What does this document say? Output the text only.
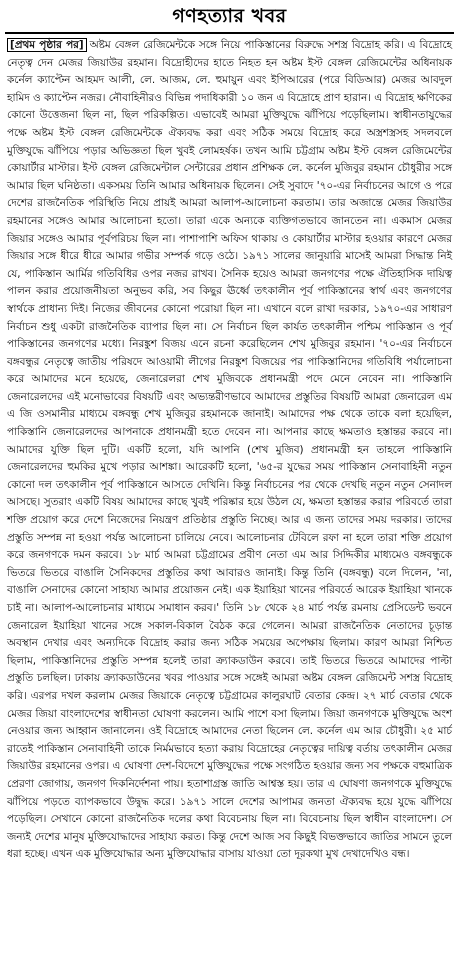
গণহত্যার খবর

[প্রথম পৃষ্ঠার পর] অষ্টম বেঙ্গল রেজিমেন্টকে সঙ্গে নিয়ে পাকিস্তানের বিরুদ্ধে সশস্ত্র বিদ্রোহ করি। এ বিদ্রোহে নেতৃত্ব দেন মেজর জিয়াউর রহমান। বিদ্রোহীদের হাতে নিহত হন অষ্টম ইস্ট বেঙ্গল রেজিমেন্টের অধিনায়ক কর্নেল ক্যাপ্টেন আহমদ আলী, লে. আজম, লে. হুমায়ুন এবং ইপিআরের (পরে বিডিআর) মেজর আবদুল হামিদ ও ক্যাপ্টেন নজর। নৌবাহিনীরও বিভিন্ন পদাধিকারী ১০ জন এ বিদ্রোহে প্রাণ হারান। এ বিদ্রোহ ক্ষণিকের কোনো উত্তেজনা ছিল না, ছিল পরিকল্পিত। এভাবেই আমরা মুক্তিযুদ্ধে ঝাঁপিয়ে পড়েছিলাম। স্বাধীনতাযুদ্ধের পক্ষে অষ্টম ইস্ট বেঙ্গল রেজিমেন্টকে ঐক্যবদ্ধ করা এবং সঠিক সময়ে বিদ্রোহ করে অস্ত্রশস্ত্রসহ সদলবলে মুক্তিযুদ্ধে ঝাঁপিয়ে পড়ার অভিজ্ঞতা ছিল খুবই লোমহর্ষক। তখন আমি চট্টগ্রাম অষ্টম ইস্ট বেঙ্গল রেজিমেন্টের কোয়ার্টার মাস্টার। ইস্ট বেঙ্গল রেজিমেন্টাল সেন্টারের প্রধান প্রশিক্ষক লে. কর্নেল মুজিবুর রহমান চৌধুরীর সঙ্গে আমার ছিল ঘনিষ্ঠতা। একসময় তিনি আমার অধিনায়ক ছিলেন। সেই সুবাদে '৭০-এর নির্বাচনের আগে ও পরে দেশের রাজনৈতিক পরিস্থিতি নিয়ে প্রায়ই আমরা আলাপ-আলোচনা করতাম। তার অজান্তে মেজর জিয়াউর রহমানের সঙ্গেও আমার আলোচনা হতো। তারা একে অন্যকে ব্যক্তিগতভাবে জানতেন না। একমাস মেজর জিয়ার সঙ্গেও আমার পূর্বপরিচয় ছিল না। পাশাপাশি অফিস থাকায় ও কোয়ার্টার মাস্টার হওয়ার কারণে মেজর জিয়ার সঙ্গে ধীরে ধীরে আমার গভীর সম্পর্ক গড়ে ওঠে। ১৯৭১ সালের জানুয়ারি মাসেই আমরা সিদ্ধান্ত নিই যে, পাকিস্তান আর্মির গতিবিধির ওপর নজর রাখব। সৈনিক হয়েও আমরা জনগণের পক্ষে ঐতিহাসিক দায়িত্ব পালন করার প্রয়োজনীয়তা অনুভব করি, সব কিছুর ঊর্ধ্বে তৎকালীন পূর্ব পাকিস্তানের স্বার্থ এবং জনগণের স্বার্থকে প্রাধান্য দিই। নিজের জীবনের কোনো পরোয়া ছিল না। এখানে বলে রাখা দরকার, ১৯৭০-এর সাধারণ নির্বাচন শুধু একটা রাজনৈতিক ব্যাপার ছিল না। সে নির্বাচন ছিল কার্যত তৎকালীন পশ্চিম পাকিস্তান ও পূর্ব পাকিস্তানের জনগণের মধ্যে। নিরঙ্কুশ বিজয় এনে রচনা করেছিলেন শেখ মুজিবুর রহমান। '৭০-এর নির্বাচনে বঙ্গবন্ধুর নেতৃত্বে জাতীয় পরিষদে আওয়ামী লীগের নিরঙ্কুশ বিজয়ের পর পাকিস্তানিদের গতিবিধি পর্যালোচনা করে আমাদের মনে হয়েছে, জেনারেলরা শেখ মুজিবকে প্রধানমন্ত্রী পদে মেনে নেবেন না। পাকিস্তানি জেনারেলদের এই মনোভাবের বিষয়টি এবং অভ্যন্তরীণভাবে আমাদের প্রস্তুতির বিষয়টি আমরা জেনারেল এম এ জি ওসমানীর মাধ্যমে বঙ্গবন্ধু শেখ মুজিবুর রহমানকে জানাই। আমাদের পক্ষ থেকে তাকে বলা হয়েছিল, পাকিস্তানি জেনারেলদের আপনাকে প্রধানমন্ত্রী হতে দেবেন না। আপনার কাছে ক্ষমতাও হস্তান্তর করবে না। আমাদের যুক্তি ছিল দুটি। একটি হলো, যদি আপনি (শেখ মুজিব) প্রধানমন্ত্রী হন তাহলে পাকিস্তানি জেনারেলদের হুমকির মুখে পড়ার আশঙ্কা। আরেকটি হলো, '৬৫-র যুদ্ধের সময় পাকিস্তান সেনাবাহিনী নতুন কোনো দল তৎকালীন পূর্ব পাকিস্তানে আসতে দেখিনি। কিন্তু নির্বাচনের পর থেকে দেখছি নতুন নতুন সেনাদল আসছে। সুতরাং একটি বিষয় আমাদের কাছে খুবই পরিষ্কার হয়ে উঠল যে, ক্ষমতা হস্তান্তর করার পরিবর্তে তারা শক্তি প্রয়োগ করে দেশে নিজেদের নিয়ন্ত্রণ প্রতিষ্ঠার প্রস্তুতি নিচ্ছে। আর এ জন্য তাদের সময় দরকার। তাদের প্রস্তুতি সম্পন্ন না হওয়া পর্যন্ত আলোচনা চালিয়ে নেবে। আলোচনার টেবিলে রফা না হলে তারা শক্তি প্রয়োগ করে জনগণকে দমন করবে। ১৮ মার্চ আমরা চট্টগ্রামের প্রবীণ নেতা এম আর সিদ্দিকীর মাধ্যমেও বঙ্গবন্ধুকে ভিতরে ভিতরে বাঙালি সৈনিকদের প্রস্তুতির কথা আবারও জানাই। কিন্তু তিনি (বঙ্গবন্ধু) বলে দিলেন, 'না, বাঙালি সেনাদের কোনো সাহায্য আমার প্রয়োজন নেই। এক ইয়াহিয়া খানের পরিবর্তে আরেক ইয়াহিয়া খানকে চাই না। আলাপ-আলোচনার মাধ্যমে সমাধান করব।' তিনি ১৮ থেকে ২৪ মার্চ পর্যন্ত রমনায় প্রেসিডেন্ট ভবনে জেনারেল ইয়াহিয়া খানের সঙ্গে সকাল-বিকাল বৈঠক করে গেলেন। আমরা রাজনৈতিক নেতাদের চূড়ান্ত অবস্থান দেখার এবং অন্যদিকে বিদ্রোহ করার জন্য সঠিক সময়ের অপেক্ষায় ছিলাম। কারণ আমরা নিশ্চিত ছিলাম, পাকিস্তানিদের প্রস্তুতি সম্পন্ন হলেই তারা ক্র্যাকডাউন করবে। তাই ভিতরে ভিতরে আমাদের পাল্টা প্রস্তুতি চলছিল। ঢাকায় ক্র্যাকডাউনের খবর পাওয়ার সঙ্গে সঙ্গেই আমরা অষ্টম বেঙ্গল রেজিমেন্ট সশস্ত্র বিদ্রোহ করি। এরপর দখল করলাম মেজর জিয়াকে নেতৃত্বে চট্টগ্রামের কালুরঘাট বেতার কেন্দ্র। ২৭ মার্চ বেতার থেকে মেজর জিয়া বাংলাদেশের স্বাধীনতা ঘোষণা করলেন। আমি পাশে বসা ছিলাম। জিয়া জনগণকে মুক্তিযুদ্ধে অংশ নেওয়ার জন্য আহ্বান জানালেন। ওই বিদ্রোহে আমাদের নেতা ছিলেন লে. কর্নেল এম আর চৌধুরী। ২৫ মার্চ রাতেই পাকিস্তান সেনাবাহিনী তাকে নির্মমভাবে হত্যা করায় বিদ্রোহের নেতৃত্বের দায়িত্ব বর্তায় তৎকালীন মেজর জিয়াউর রহমানের ওপর। এ ঘোষণা দেশ-বিদেশে মুক্তিযুদ্ধের পক্ষে সংগঠিত হওয়ার জন্য সব পক্ষকে বহুমাত্রিক প্রেরণা জোগায়, জনগণ দিকনির্দেশনা পায়। হতাশাগ্রস্ত জাতি আশ্বস্ত হয়। তার এ ঘোষণা জনগণকে মুক্তিযুদ্ধে ঝাঁপিয়ে পড়তে ব্যাপকভাবে উদ্বুদ্ধ করে। ১৯৭১ সালে দেশের আপামর জনতা ঐক্যবদ্ধ হয়ে যুদ্ধে ঝাঁপিয়ে পড়েছিল। সেখানে কোনো রাজনৈতিক দলের কথা বিবেচনায় ছিল না। বিবেচনায় ছিল স্বাধীন বাংলাদেশ। সে জন্যই দেশের মানুষ মুক্তিযোদ্ধাদের সাহায্য করত। কিন্তু দেশে আজ সব কিছুই বিভক্তভাবে জাতির সামনে তুলে ধরা হচ্ছে। এখন এক মুক্তিযোদ্ধার অন্য মুক্তিযোদ্ধার বাসায় যাওয়া তো দূরকথা মুখ দেখাদেখিও বন্ধ।
